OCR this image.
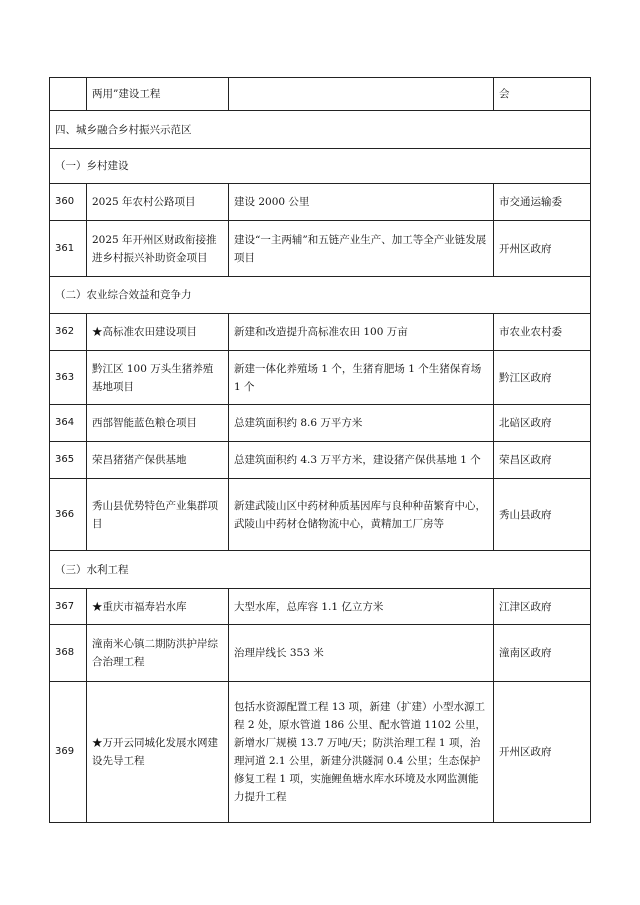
	两用”建设工程		会
四、城乡融合乡村振兴示范区			
（一）乡村建设			
360	2025 年农村公路项目	建设 2000 公里	市交通运输委
361	2025 年开州区财政衔接推进乡村振兴补助资金项目	建设“一主两辅”和五链产业生产、加工等全产业链发展项目	开州区政府
（二）农业综合效益和竞争力			
362	★高标准农田建设项目	新建和改造提升高标准农田 100 万亩	市农业农村委
363	黔江区 100 万头生猪养殖基地项目	新建一体化养殖场 1 个，生猪育肥场 1 个生猪保育场 1 个	黔江区政府
364	西部智能蓝色粮仓项目	总建筑面积约 8.6 万平方米	北碚区政府
365	荣昌猪猪产保供基地	总建筑面积约 4.3 万平方米，建设猪产保供基地 1 个	荣昌区政府
366	秀山县优势特色产业集群项目	新建武陵山区中药材种质基因库与良种种苗繁育中心，武陵山中药材仓储物流中心，黄精加工厂房等	秀山县政府
（三）水利工程			
367	★重庆市福寿岩水库	大型水库，总库容 1.1 亿立方米	江津区政府
368	潼南米心镇二期防洪护岸综合治理工程	治理岸线长 353 米	潼南区政府
369	★万开云同城化发展水网建设先导工程	包括水资源配置工程 13 项，新建（扩建）小型水源工程 2 处，原水管道 186 公里、配水管道 1102 公里，新增水厂规模 13.7 万吨/天；防洪治理工程 1 项，治理河道 2.1 公里，新建分洪隧洞 0.4 公里；生态保护修复工程 1 项，实施鲤鱼塘水库水环境及水网监测能力提升工程	开州区政府
